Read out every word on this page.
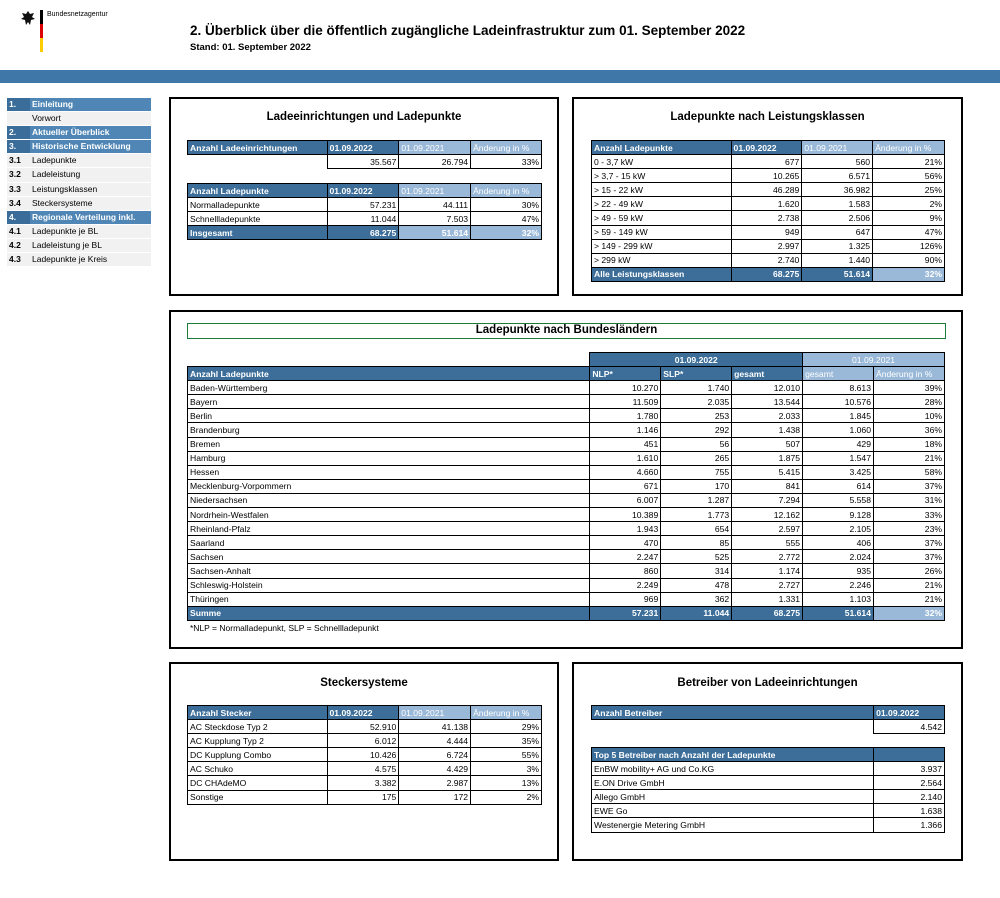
Bundesnetzagentur
2. Überblick über die öffentlich zugängliche Ladeinfrastruktur zum 01. September 2022
Stand: 01. September 2022
1.	Einleitung
Vorwort
2.	Aktueller Überblick
3.	Historische Entwicklung
3.1	Ladepunkte
3.2	Ladeleistung
3.3	Leistungsklassen
3.4	Steckersysteme
4.	Regionale Verteilung inkl.
4.1	Ladepunkte je BL
4.2	Ladeleistung je BL
4.3	Ladepunkte je Kreis
Ladeeinrichtungen und Ladepunkte
Anzahl Ladeeinrichtungen	01.09.2022	01.09.2021	Änderung in %
	35.567	26.794	33%
Anzahl Ladepunkte	01.09.2022	01.09.2021	Änderung in %
Normalladepunkte	57.231	44.111	30%
Schnellladepunkte	11.044	7.503	47%
Insgesamt	68.275	51.614	32%
Ladepunkte nach Leistungsklassen
Anzahl Ladepunkte	01.09.2022	01.09.2021	Änderung in %
0 - 3,7 kW	677	560	21%
> 3,7 - 15 kW	10.265	6.571	56%
> 15 - 22 kW	46.289	36.982	25%
> 22 - 49 kW	1.620	1.583	2%
> 49 - 59 kW	2.738	2.506	9%
> 59 - 149 kW	949	647	47%
> 149 - 299 kW	2.997	1.325	126%
> 299 kW	2.740	1.440	90%
Alle Leistungsklassen	68.275	51.614	32%
Ladepunkte nach Bundesländern
	01.09.2022			01.09.2021	
Anzahl Ladepunkte	NLP*	SLP*	gesamt	gesamt	Änderung in %
Baden-Württemberg	10.270	1.740	12.010	8.613	39%
Bayern	11.509	2.035	13.544	10.576	28%
Berlin	1.780	253	2.033	1.845	10%
Brandenburg	1.146	292	1.438	1.060	36%
Bremen	451	56	507	429	18%
Hamburg	1.610	265	1.875	1.547	21%
Hessen	4.660	755	5.415	3.425	58%
Mecklenburg-Vorpommern	671	170	841	614	37%
Niedersachsen	6.007	1.287	7.294	5.558	31%
Nordrhein-Westfalen	10.389	1.773	12.162	9.128	33%
Rheinland-Pfalz	1.943	654	2.597	2.105	23%
Saarland	470	85	555	406	37%
Sachsen	2.247	525	2.772	2.024	37%
Sachsen-Anhalt	860	314	1.174	935	26%
Schleswig-Holstein	2.249	478	2.727	2.246	21%
Thüringen	969	362	1.331	1.103	21%
Summe	57.231	11.044	68.275	51.614	32%
*NLP = Normalladepunkt, SLP = Schnellladepunkt
Steckersysteme
Anzahl Stecker	01.09.2022	01.09.2021	Änderung in %
AC Steckdose Typ 2	52.910	41.138	29%
AC Kupplung Typ 2	6.012	4.444	35%
DC Kupplung Combo	10.426	6.724	55%
AC Schuko	4.575	4.429	3%
DC CHAdeMO	3.382	2.987	13%
Sonstige	175	172	2%
Betreiber von Ladeeinrichtungen
Anzahl Betreiber	01.09.2022
	4.542
Top 5 Betreiber nach Anzahl der Ladepunkte	
EnBW mobility+ AG und Co.KG	3.937
E.ON Drive GmbH	2.564
Allego GmbH	2.140
EWE Go	1.638
Westenergie Metering GmbH	1.366
